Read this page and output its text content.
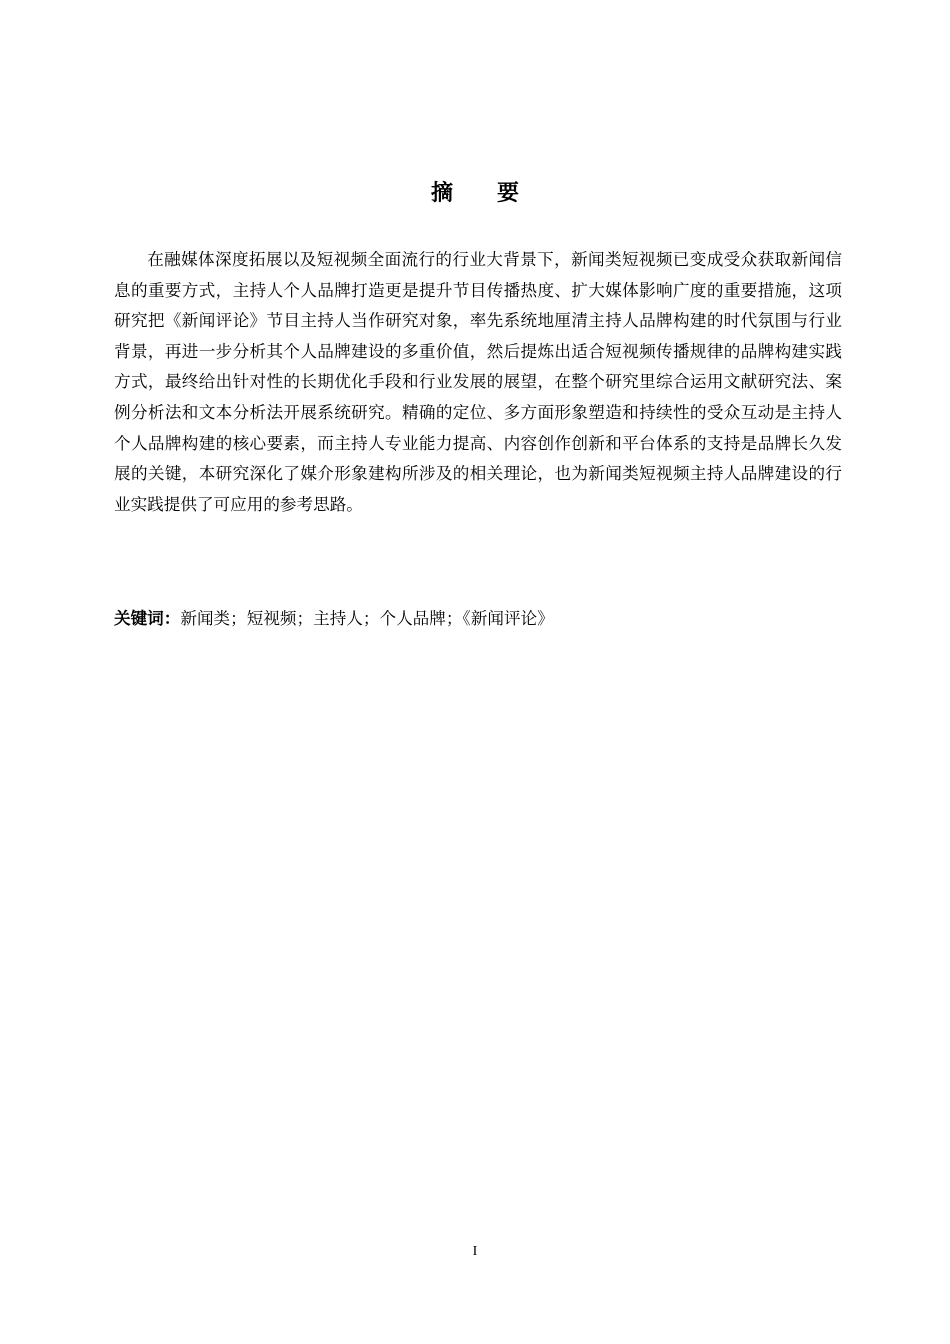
摘 要

在融媒体深度拓展以及短视频全面流行的行业大背景下，新闻类短视频已变成受众获取新闻信息的重要方式，主持人个人品牌打造更是提升节目传播热度、扩大媒体影响广度的重要措施，这项研究把《新闻评论》节目主持人当作研究对象，率先系统地厘清主持人品牌构建的时代氛围与行业背景，再进一步分析其个人品牌建设的多重价值，然后提炼出适合短视频传播规律的品牌构建实践方式，最终给出针对性的长期优化手段和行业发展的展望，在整个研究里综合运用文献研究法、案例分析法和文本分析法开展系统研究。精确的定位、多方面形象塑造和持续性的受众互动是主持人个人品牌构建的核心要素，而主持人专业能力提高、内容创作创新和平台体系的支持是品牌长久发展的关键，本研究深化了媒介形象建构所涉及的相关理论，也为新闻类短视频主持人品牌建设的行业实践提供了可应用的参考思路。

关键词：新闻类；短视频；主持人；个人品牌；《新闻评论》

I
